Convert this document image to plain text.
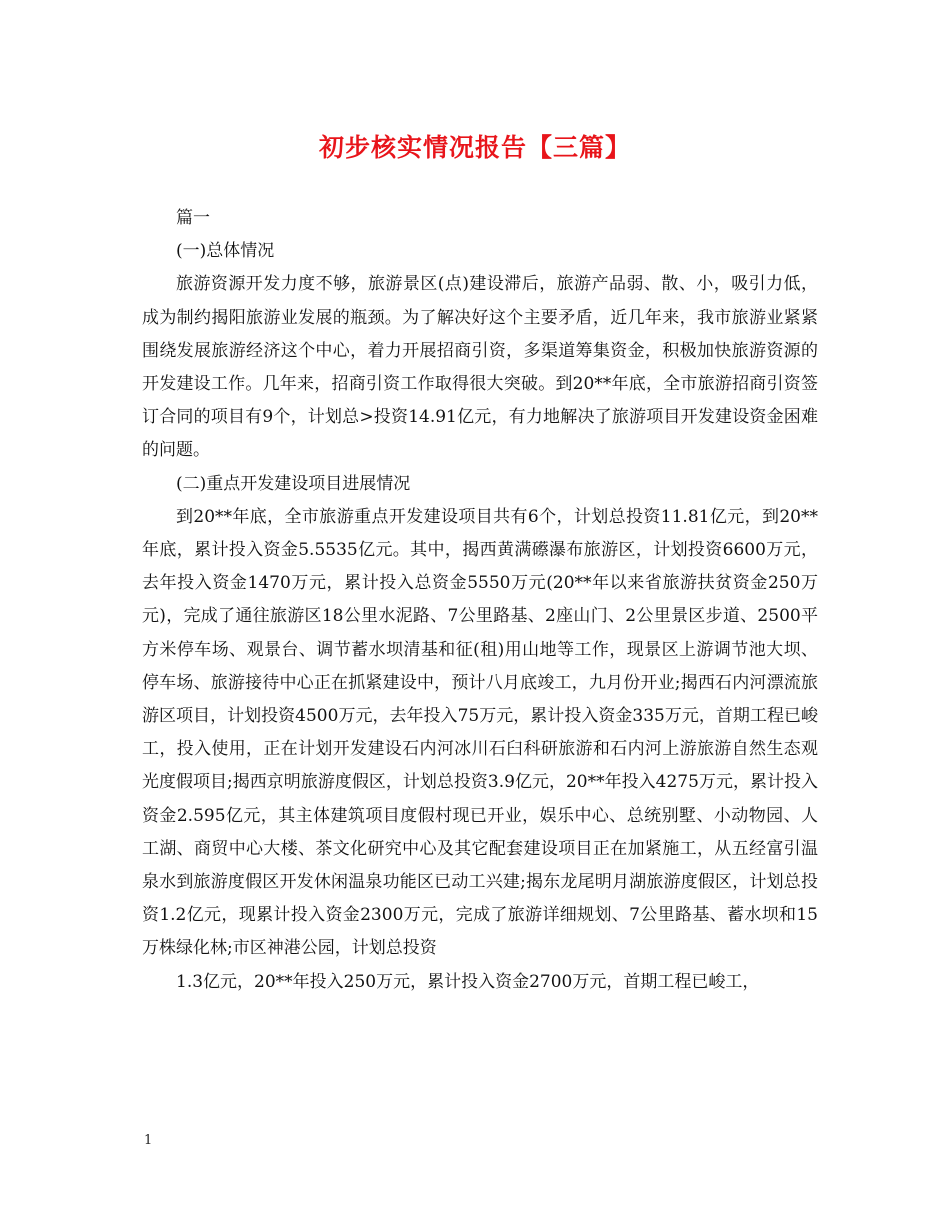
初步核实情况报告【三篇】

篇一

(一)总体情况

旅游资源开发力度不够，旅游景区(点)建设滞后，旅游产品弱、散、小，吸引力低，成为制约揭阳旅游业发展的瓶颈。为了解决好这个主要矛盾，近几年来，我市旅游业紧紧围绕发展旅游经济这个中心，着力开展招商引资，多渠道筹集资金，积极加快旅游资源的开发建设工作。几年来，招商引资工作取得很大突破。到20**年底，全市旅游招商引资签订合同的项目有9个，计划总>投资14.91亿元，有力地解决了旅游项目开发建设资金困难的问题。

(二)重点开发建设项目进展情况

到20**年底，全市旅游重点开发建设项目共有6个，计划总投资11.81亿元，到20**年底，累计投入资金5.5535亿元。其中，揭西黄满礤瀑布旅游区，计划投资6600万元，去年投入资金1470万元，累计投入总资金5550万元(20**年以来省旅游扶贫资金250万元)，完成了通往旅游区18公里水泥路、7公里路基、2座山门、2公里景区步道、2500平方米停车场、观景台、调节蓄水坝清基和征(租)用山地等工作，现景区上游调节池大坝、停车场、旅游接待中心正在抓紧建设中，预计八月底竣工，九月份开业;揭西石内河漂流旅游区项目，计划投资4500万元，去年投入75万元，累计投入资金335万元，首期工程已峻工，投入使用，正在计划开发建设石内河冰川石臼科研旅游和石内河上游旅游自然生态观光度假项目;揭西京明旅游度假区，计划总投资3.9亿元，20**年投入4275万元，累计投入资金2.595亿元，其主体建筑项目度假村现已开业，娱乐中心、总统别墅、小动物园、人工湖、商贸中心大楼、茶文化研究中心及其它配套建设项目正在加紧施工，从五经富引温泉水到旅游度假区开发休闲温泉功能区已动工兴建;揭东龙尾明月湖旅游度假区，计划总投资1.2亿元，现累计投入资金2300万元，完成了旅游详细规划、7公里路基、蓄水坝和15万株绿化林;市区神港公园，计划总投资

1.3亿元，20**年投入250万元，累计投入资金2700万元，首期工程已峻工，

1
